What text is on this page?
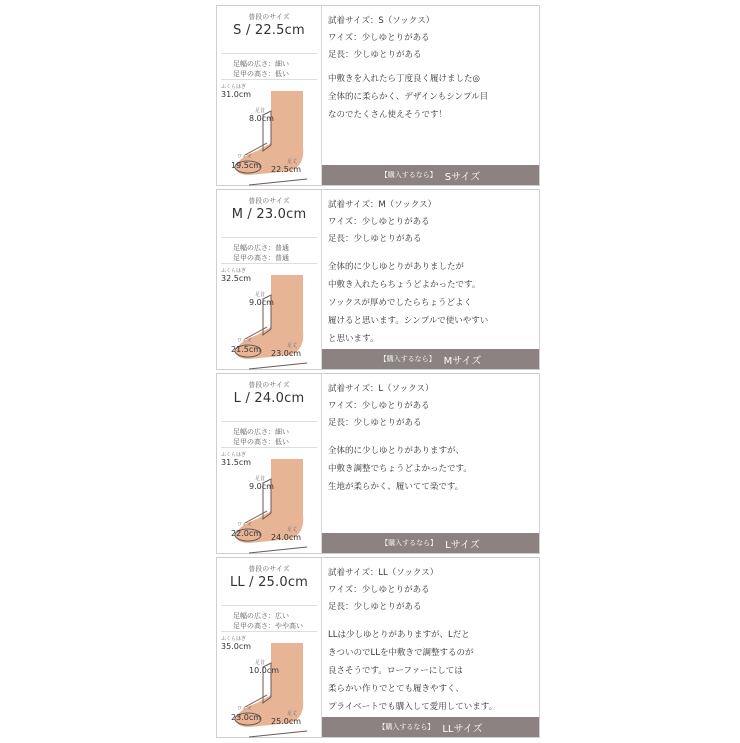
普段のサイズ
S / 22.5cm
足幅の広さ：細い
足甲の高さ：低い
ふくらはぎ
31.0cm
足首
8.0cm
ワイズ
19.5cm	足丈
22.5cm
試着サイズ：S（ソックス）
ワイズ：少しゆとりがある
足長：少しゆとりがある
中敷きを入れたら丁度良く履けました◎
全体的に柔らかく、デザインもシンプル目
なのでたくさん使えそうです！
【購入するなら】 Sサイズ
普段のサイズ
M / 23.0cm
足幅の広さ：普通
足甲の高さ：普通
ふくらはぎ
32.5cm
足首
9.0cm
ワイズ
21.5cm	足丈
23.0cm
試着サイズ：M（ソックス）
ワイズ：少しゆとりがある
足長：少しゆとりがある
全体的に少しゆとりがありましたが
中敷き入れたらちょうどよかったです。
ソックスが厚めでしたらちょうどよく
履けると思います。シンプルで使いやすい
と思います。
【購入するなら】 Mサイズ
普段のサイズ
L / 24.0cm
足幅の広さ：細い
足甲の高さ：低い
ふくらはぎ
31.5cm
足首
9.0cm
ワイズ
22.0cm	足丈
24.0cm
試着サイズ：L（ソックス）
ワイズ：少しゆとりがある
足長：少しゆとりがある
全体的に少しゆとりがありますが、
中敷き調整でちょうどよかったです。
生地が柔らかく、履いてて楽です。
【購入するなら】 Lサイズ
普段のサイズ
LL / 25.0cm
足幅の広さ：広い
足甲の高さ：やや高い
ふくらはぎ
35.0cm
足首
10.0cm
ワイズ
23.0cm	足丈
25.0cm
試着サイズ：LL（ソックス）
ワイズ：少しゆとりがある
足長：少しゆとりがある
LLは少しゆとりがありますが、Lだと
きついのでLLを中敷きで調整するのが
良さそうです。ローファーにしては
柔らかい作りでとても履きやすく、
プライベートでも購入して愛用しています。
【購入するなら】 LLサイズ
